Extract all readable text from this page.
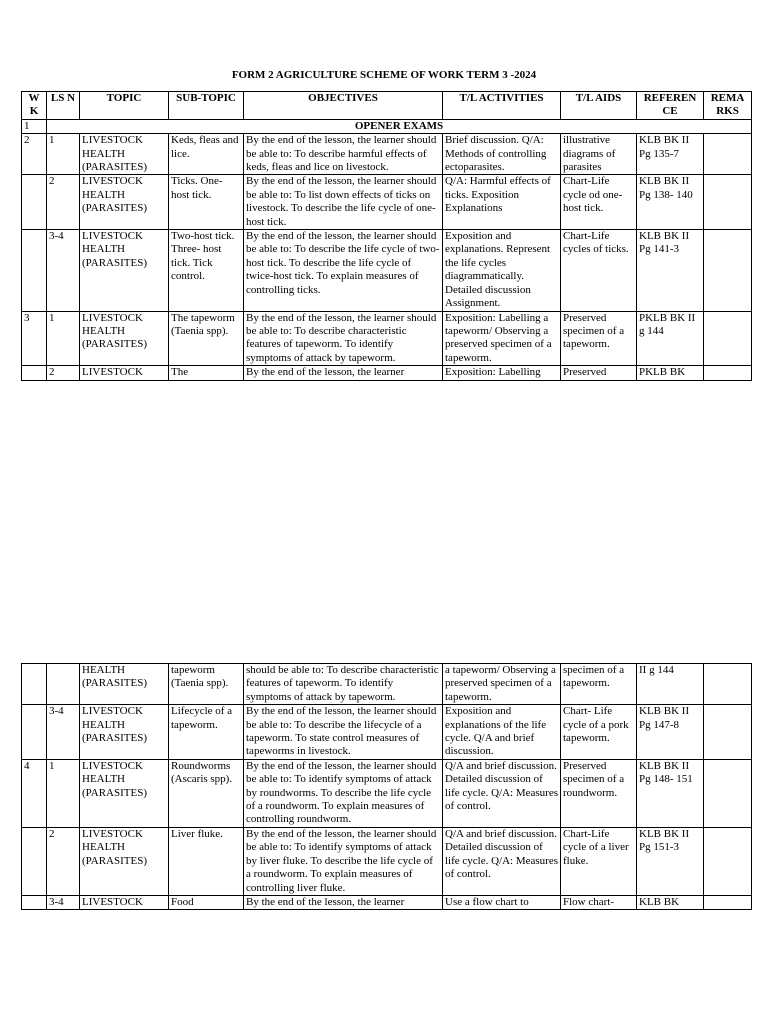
FORM 2 AGRICULTURE SCHEME OF WORK TERM 3 -2024
W K	LS N	TOPIC	SUB-TOPIC	OBJECTIVES	T/L ACTIVITIES	T/L AIDS	REFEREN CE	REMA RKS
1	OPENER EXAMS							
2	1	LIVESTOCK HEALTH (PARASITES)	Keds, fleas and lice.	By the end of the lesson, the learner should be able to: To describe harmful effects of keds, fleas and lice on livestock.	Brief discussion. Q/A: Methods of controlling ectoparasites.	illustrative diagrams of parasites	KLB BK II Pg 135-7	
	2	LIVESTOCK HEALTH (PARASITES)	Ticks. One- host tick.	By the end of the lesson, the learner should be able to: To list down effects of ticks on livestock. To describe the life cycle of one-host tick.	Q/A: Harmful effects of ticks. Exposition Explanations	Chart-Life cycle od one- host tick.	KLB BK II Pg 138- 140	
	3-4	LIVESTOCK HEALTH (PARASITES)	Two-host tick. Three- host tick. Tick control.	By the end of the lesson, the learner should be able to: To describe the life cycle of two-host tick. To describe the life cycle of twice-host tick. To explain measures of controlling ticks.	Exposition and explanations. Represent the life cycles diagrammatically. Detailed discussion Assignment.	Chart-Life cycles of ticks.	KLB BK II Pg 141-3	
3	1	LIVESTOCK HEALTH (PARASITES)	The tapeworm (Taenia spp).	By the end of the lesson, the learner should be able to: To describe characteristic features of tapeworm. To identify symptoms of attack by tapeworm.	Exposition: Labelling a tapeworm/ Observing a preserved specimen of a tapeworm.	Preserved specimen of a tapeworm.	PKLB BK II g 144	
	2	LIVESTOCK	The	By the end of the lesson, the learner	Exposition: Labelling	Preserved	PKLB BK	
		HEALTH (PARASITES)	tapeworm (Taenia spp).	should be able to: To describe characteristic features of tapeworm. To identify symptoms of attack by tapeworm.	a tapeworm/ Observing a preserved specimen of a tapeworm.	specimen of a tapeworm.	II g 144	
	3-4	LIVESTOCK HEALTH (PARASITES)	Lifecycle of a tapeworm.	By the end of the lesson, the learner should be able to: To describe the lifecycle of a tapeworm. To state control measures of tapeworms in livestock.	Exposition and explanations of the life cycle. Q/A and brief discussion.	Chart- Life cycle of a pork tapeworm.	KLB BK II Pg 147-8	
4	1	LIVESTOCK HEALTH (PARASITES)	Roundworms (Ascaris spp).	By the end of the lesson, the learner should be able to: To identify symptoms of attack by roundworms. To describe the life cycle of a roundworm. To explain measures of controlling roundworm.	Q/A and brief discussion. Detailed discussion of life cycle. Q/A: Measures of control.	Preserved specimen of a roundworm.	KLB BK II Pg 148- 151	
	2	LIVESTOCK HEALTH (PARASITES)	Liver fluke.	By the end of the lesson, the learner should be able to: To identify symptoms of attack by liver fluke. To describe the life cycle of a roundworm. To explain measures of controlling liver fluke.	Q/A and brief discussion. Detailed discussion of life cycle. Q/A: Measures of control.	Chart-Life cycle of a liver fluke.	KLB BK II Pg 151-3	
	3-4	LIVESTOCK	Food	By the end of the lesson, the learner	Use a flow chart to	Flow chart-	KLB BK	
